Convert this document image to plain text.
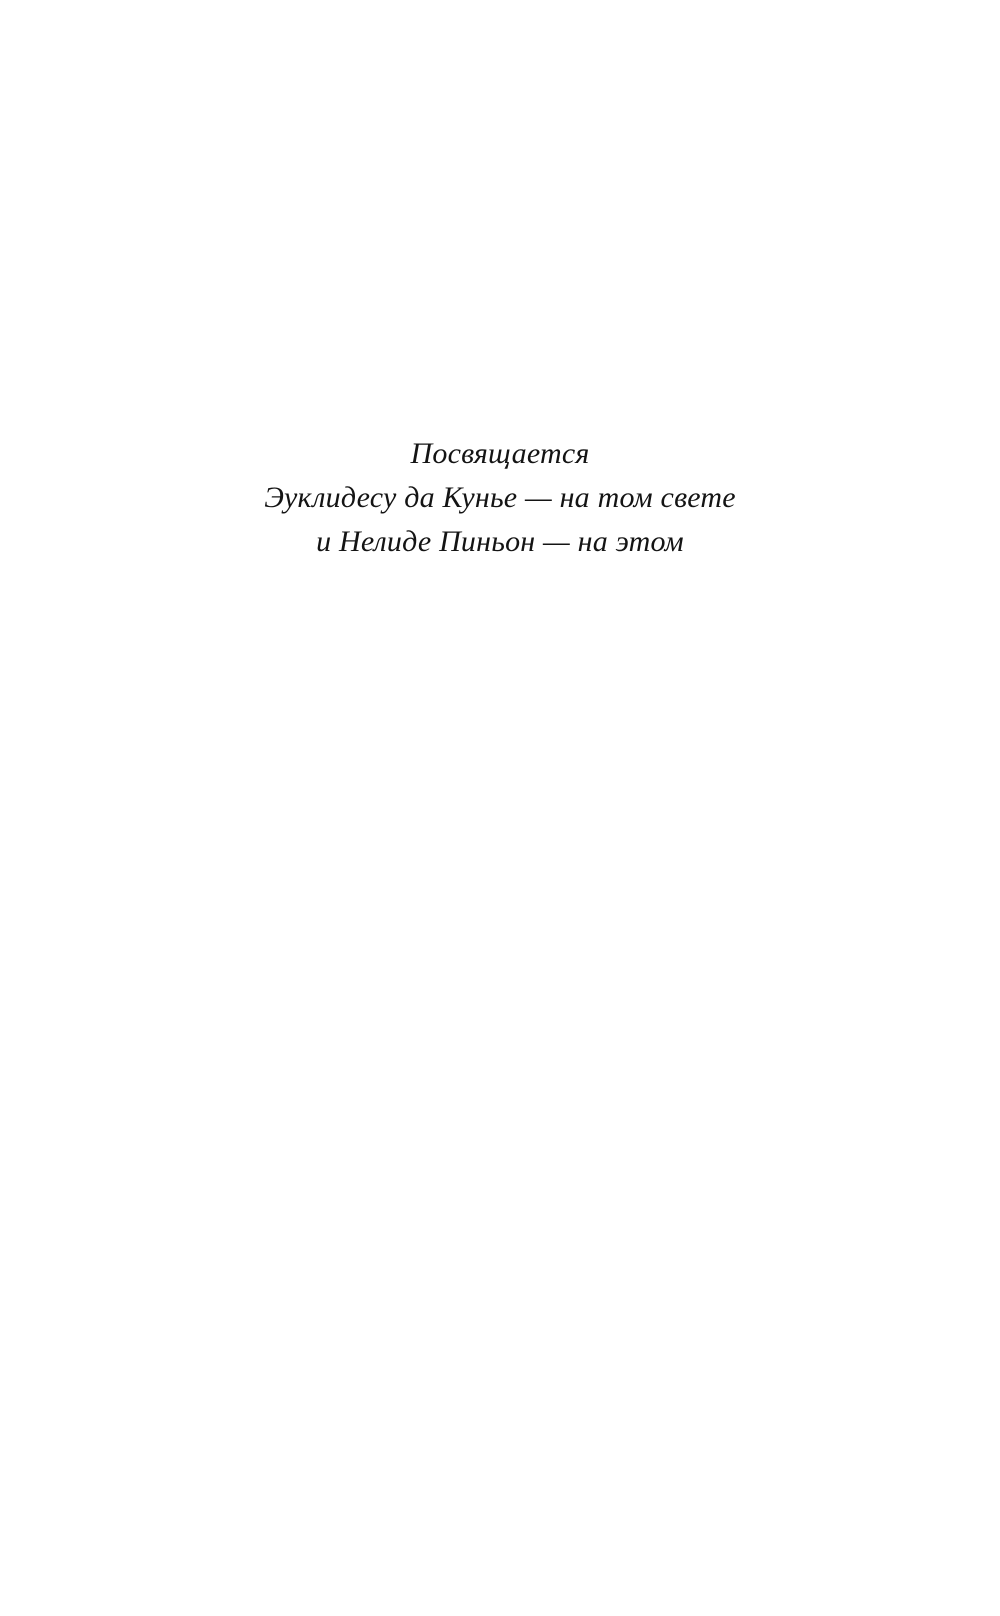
Посвящается
Эуклидесу да Кунье — на том свете
и Нелиде Пиньон — на этом
